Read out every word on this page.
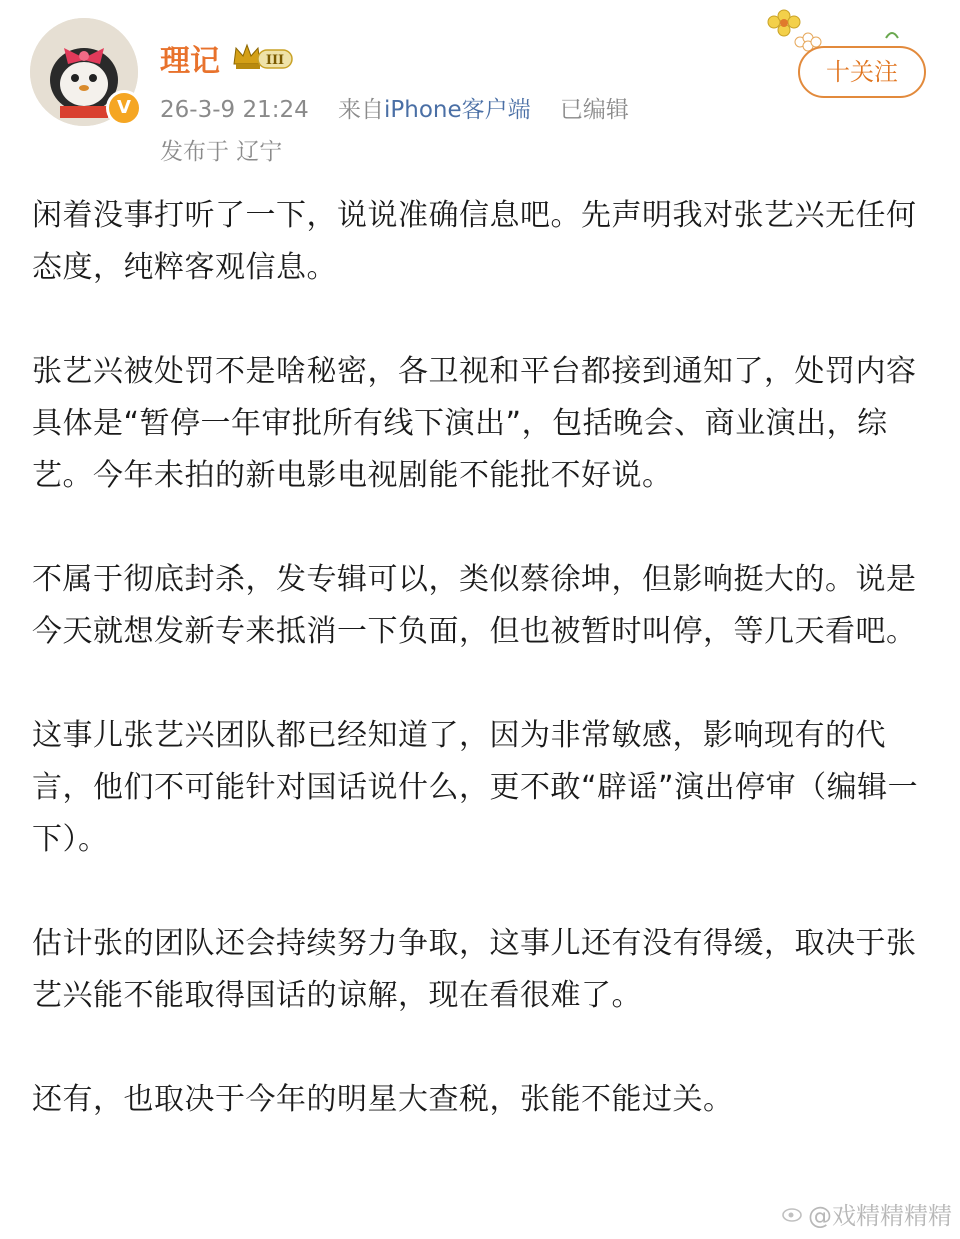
V
理记	III
26-3-9 21:24 来自iPhone客户端 已编辑
发布于 辽宁
十关注

闲着没事打听了一下，说说准确信息吧。先声明我对张艺兴无任何态度，纯粹客观信息。

张艺兴被处罚不是啥秘密，各卫视和平台都接到通知了，处罚内容具体是“暂停一年审批所有线下演出”，包括晚会、商业演出，综艺。今年未拍的新电影电视剧能不能批不好说。

不属于彻底封杀，发专辑可以，类似蔡徐坤，但影响挺大的。说是今天就想发新专来抵消一下负面，但也被暂时叫停，等几天看吧。

这事儿张艺兴团队都已经知道了，因为非常敏感，影响现有的代言，他们不可能针对国话说什么，更不敢“辟谣”演出停审（编辑一下）。

估计张的团队还会持续努力争取，这事儿还有没有得缓，取决于张艺兴能不能取得国话的谅解，现在看很难了。

还有，也取决于今年的明星大查税，张能不能过关。

@戏精精精精
